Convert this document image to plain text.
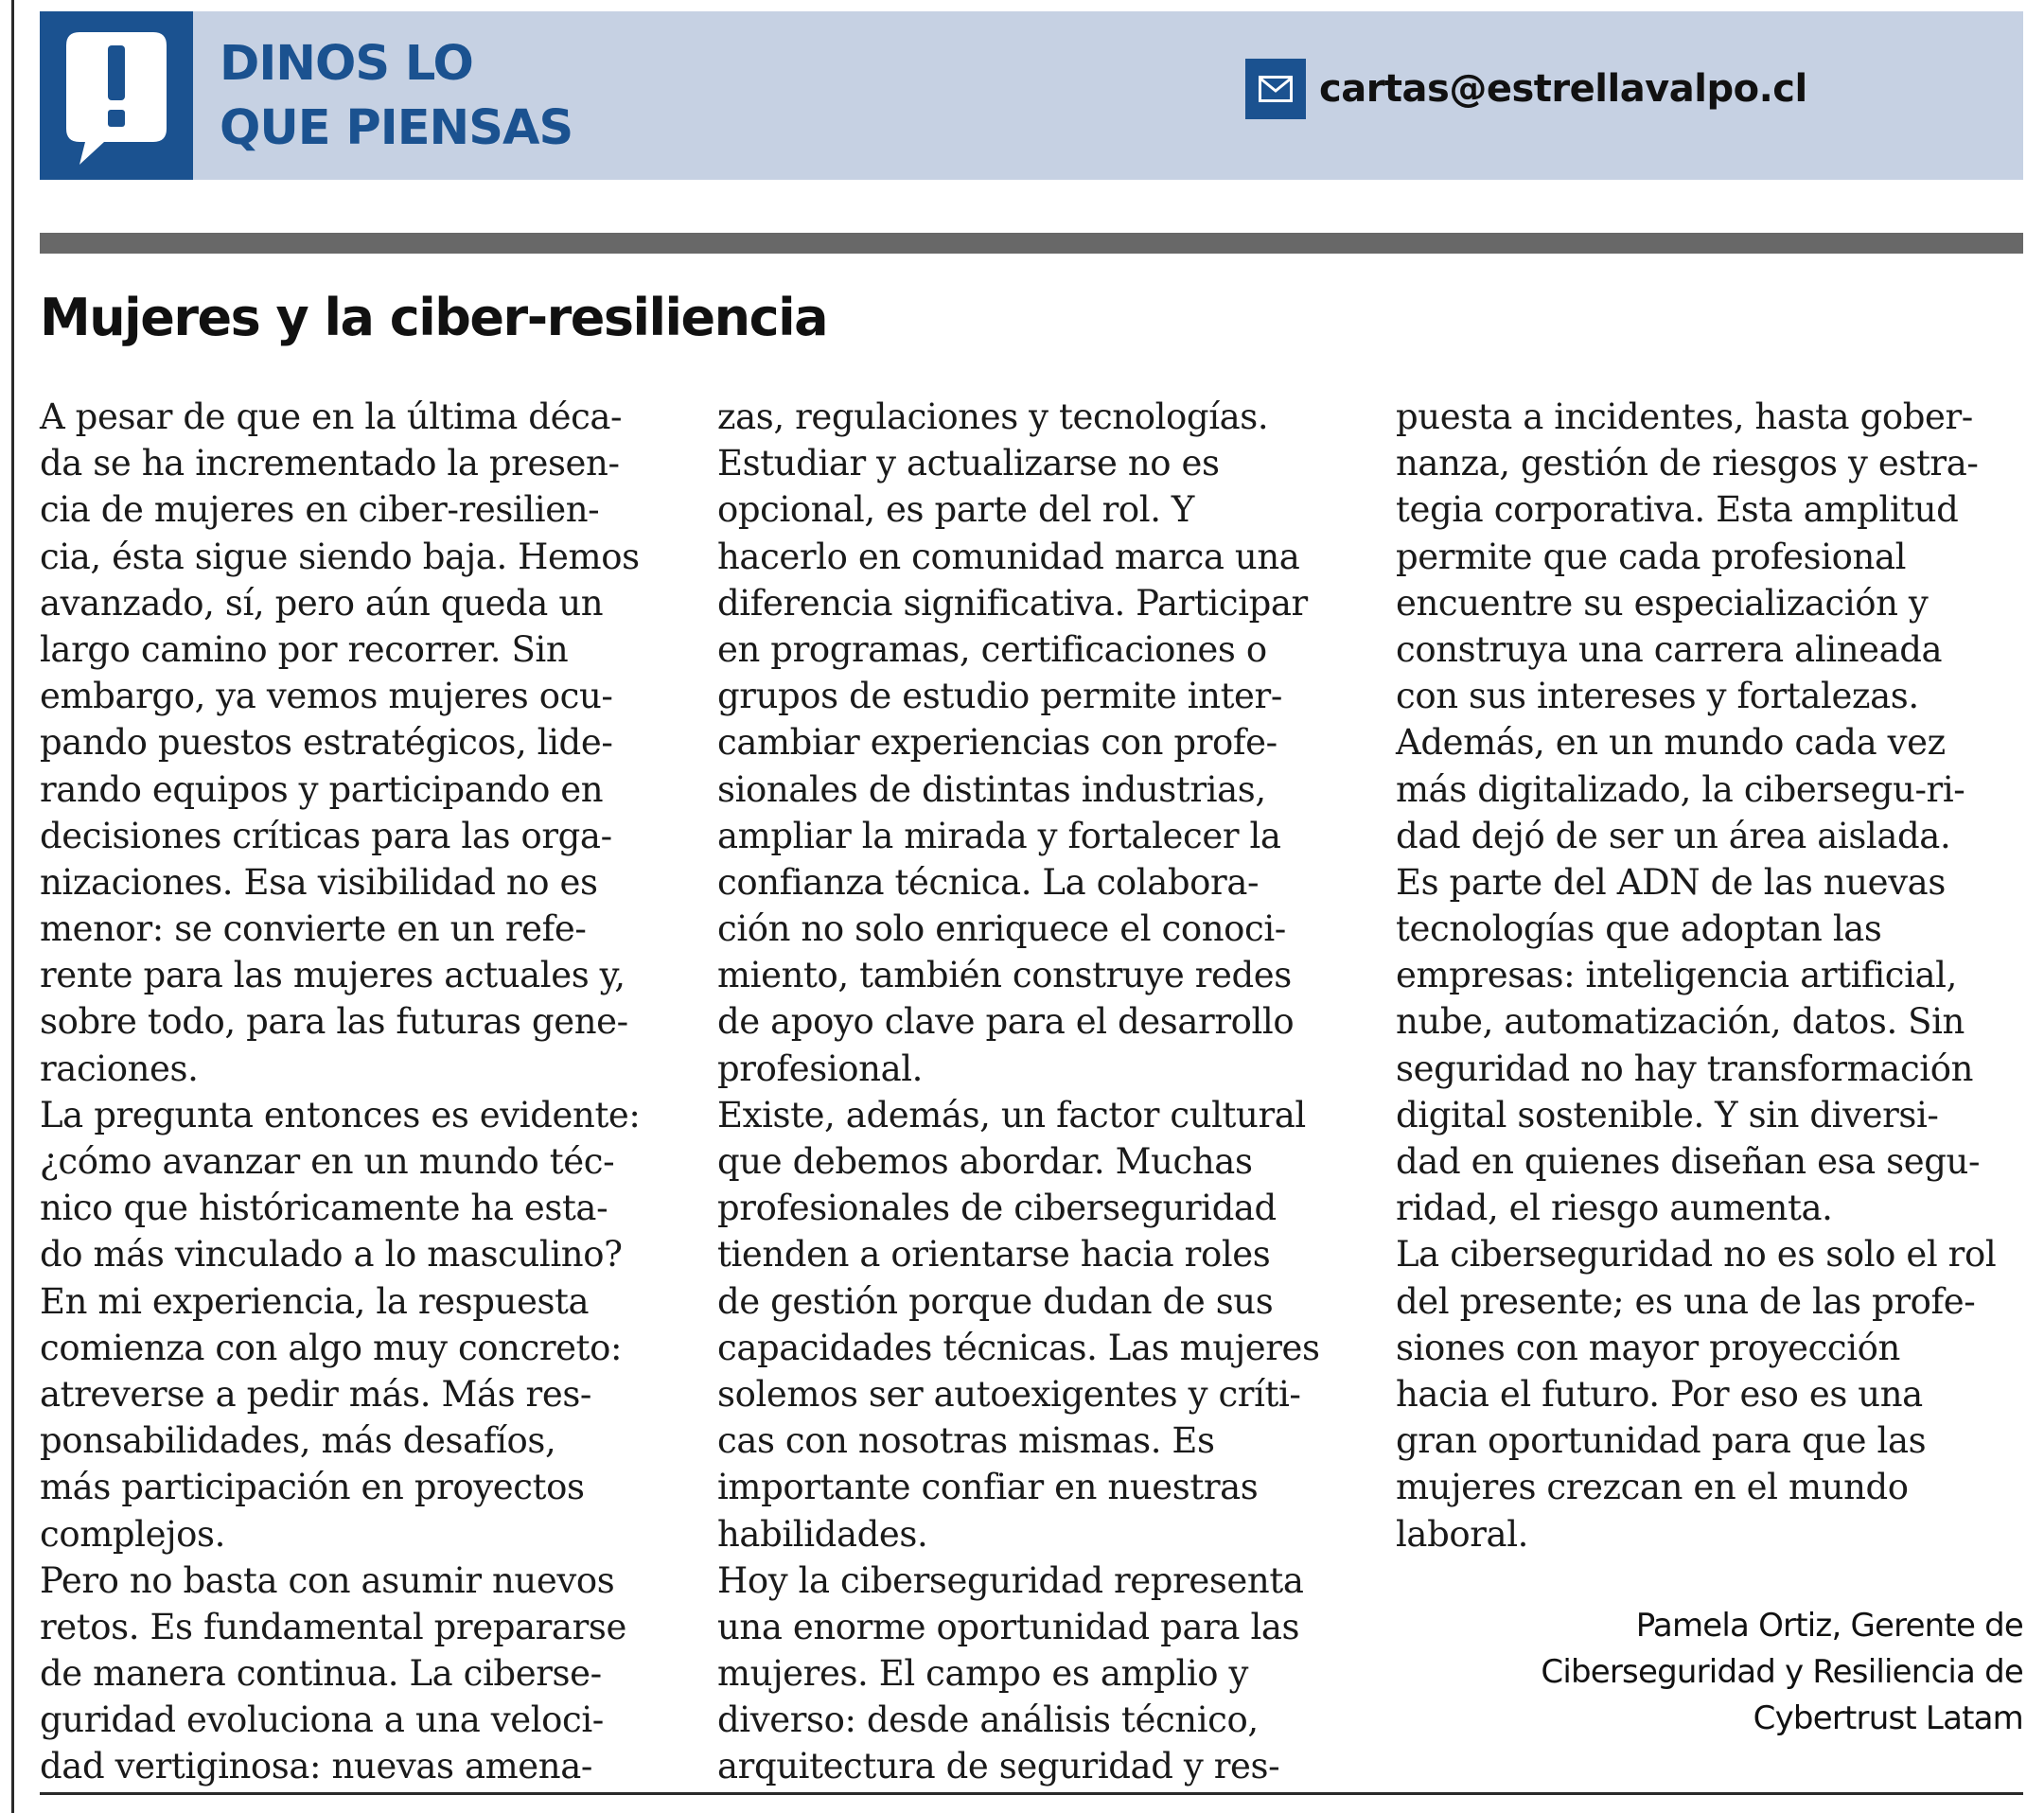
DINOS LO
QUE PIENSAS
cartas@estrellavalpo.cl
Mujeres y la ciber-resiliencia
A pesar de que en la última déca-
da se ha incrementado la presen-
cia de mujeres en ciber-resilien-
cia, ésta sigue siendo baja. Hemos
avanzado, sí, pero aún queda un
largo camino por recorrer. Sin
embargo, ya vemos mujeres ocu-
pando puestos estratégicos, lide-
rando equipos y participando en
decisiones críticas para las orga-
nizaciones. Esa visibilidad no es
menor: se convierte en un refe-
rente para las mujeres actuales y,
sobre todo, para las futuras gene-
raciones.
La pregunta entonces es evidente:
¿cómo avanzar en un mundo téc-
nico que históricamente ha esta-
do más vinculado a lo masculino?
En mi experiencia, la respuesta
comienza con algo muy concreto:
atreverse a pedir más. Más res-
ponsabilidades, más desafíos,
más participación en proyectos
complejos.
Pero no basta con asumir nuevos
retos. Es fundamental prepararse
de manera continua. La ciberse-
guridad evoluciona a una veloci-
dad vertiginosa: nuevas amena-
zas, regulaciones y tecnologías.
Estudiar y actualizarse no es
opcional, es parte del rol. Y
hacerlo en comunidad marca una
diferencia significativa. Participar
en programas, certificaciones o
grupos de estudio permite inter-
cambiar experiencias con profe-
sionales de distintas industrias,
ampliar la mirada y fortalecer la
confianza técnica. La colabora-
ción no solo enriquece el conoci-
miento, también construye redes
de apoyo clave para el desarrollo
profesional.
Existe, además, un factor cultural
que debemos abordar. Muchas
profesionales de ciberseguridad
tienden a orientarse hacia roles
de gestión porque dudan de sus
capacidades técnicas. Las mujeres
solemos ser autoexigentes y críti-
cas con nosotras mismas. Es
importante confiar en nuestras
habilidades.
Hoy la ciberseguridad representa
una enorme oportunidad para las
mujeres. El campo es amplio y
diverso: desde análisis técnico,
arquitectura de seguridad y res-
puesta a incidentes, hasta gober-
nanza, gestión de riesgos y estra-
tegia corporativa. Esta amplitud
permite que cada profesional
encuentre su especialización y
construya una carrera alineada
con sus intereses y fortalezas.
Además, en un mundo cada vez
más digitalizado, la cibersegu-ri-
dad dejó de ser un área aislada.
Es parte del ADN de las nuevas
tecnologías que adoptan las
empresas: inteligencia artificial,
nube, automatización, datos. Sin
seguridad no hay transformación
digital sostenible. Y sin diversi-
dad en quienes diseñan esa segu-
ridad, el riesgo aumenta.
La ciberseguridad no es solo el rol
del presente; es una de las profe-
siones con mayor proyección
hacia el futuro. Por eso es una
gran oportunidad para que las
mujeres crezcan en el mundo
laboral.
Pamela Ortiz, Gerente de
Ciberseguridad y Resiliencia de
Cybertrust Latam
